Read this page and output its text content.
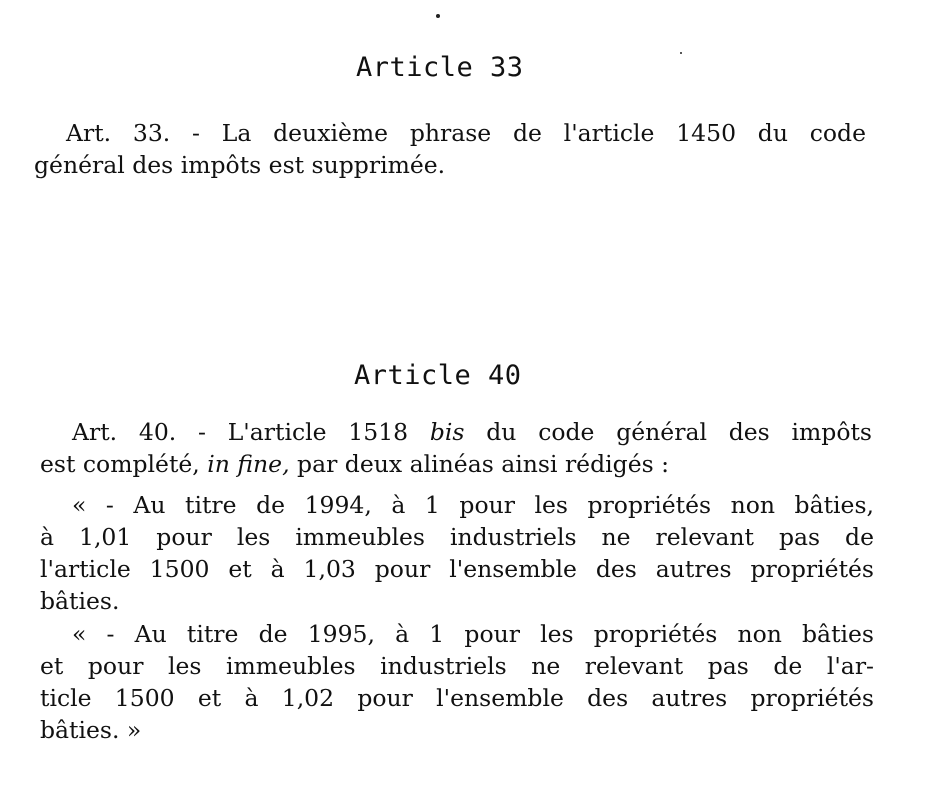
Article 33
Art. 33. - La deuxième phrase de l'article 1450 du code
général des impôts est supprimée.
Article 40
Art. 40. - L'article 1518 bis du code général des impôts
est complété, in fine, par deux alinéas ainsi rédigés :
« - Au titre de 1994, à 1 pour les propriétés non bâties,
à 1,01 pour les immeubles industriels ne relevant pas de
l'article 1500 et à 1,03 pour l'ensemble des autres propriétés
bâties.
« - Au titre de 1995, à 1 pour les propriétés non bâties
et pour les immeubles industriels ne relevant pas de l'ar-
ticle 1500 et à 1,02 pour l'ensemble des autres propriétés
bâties. »
